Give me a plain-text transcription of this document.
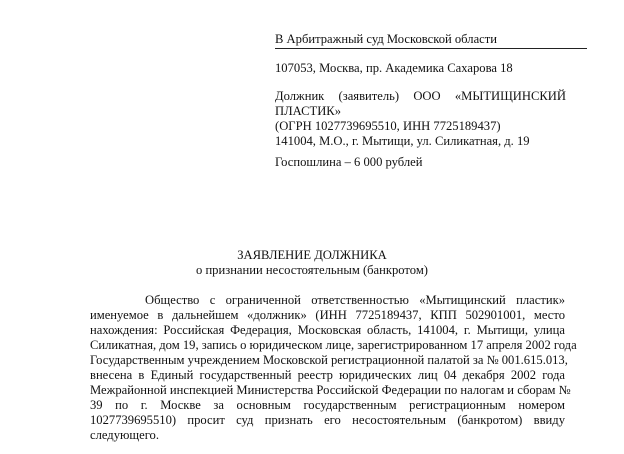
В Арбитражный суд Московской области

107053, Москва, пр. Академика Сахарова 18

Должник (заявитель) ООО «МЫТИЩИНСКИЙ

ПЛАСТИК»

(ОГРН 1027739695510, ИНН 7725189437)

141004, М.О., г. Мытищи, ул. Силикатная, д. 19

Госпошлина – 6 000 рублей

ЗАЯВЛЕНИЕ ДОЛЖНИКА

о признании несостоятельным (банкротом)

Общество с ограниченной ответственностью «Мытищинский пластик»

именуемое в дальнейшем «должник» (ИНН 7725189437, КПП 502901001, место

нахождения: Российская Федерация, Московская область, 141004, г. Мытищи, улица

Силикатная, дом 19, запись о юридическом лице, зарегистрированном 17 апреля 2002 года

Государственным учреждением Московской регистрационной палатой за № 001.615.013,

внесена в Единый государственный реестр юридических лиц 04 декабря 2002 года

Межрайонной инспекцией Министерства Российской Федерации по налогам и сборам №

39 по г. Москве за основным государственным регистрационным номером

1027739695510) просит суд признать его несостоятельным (банкротом) ввиду

следующего.
